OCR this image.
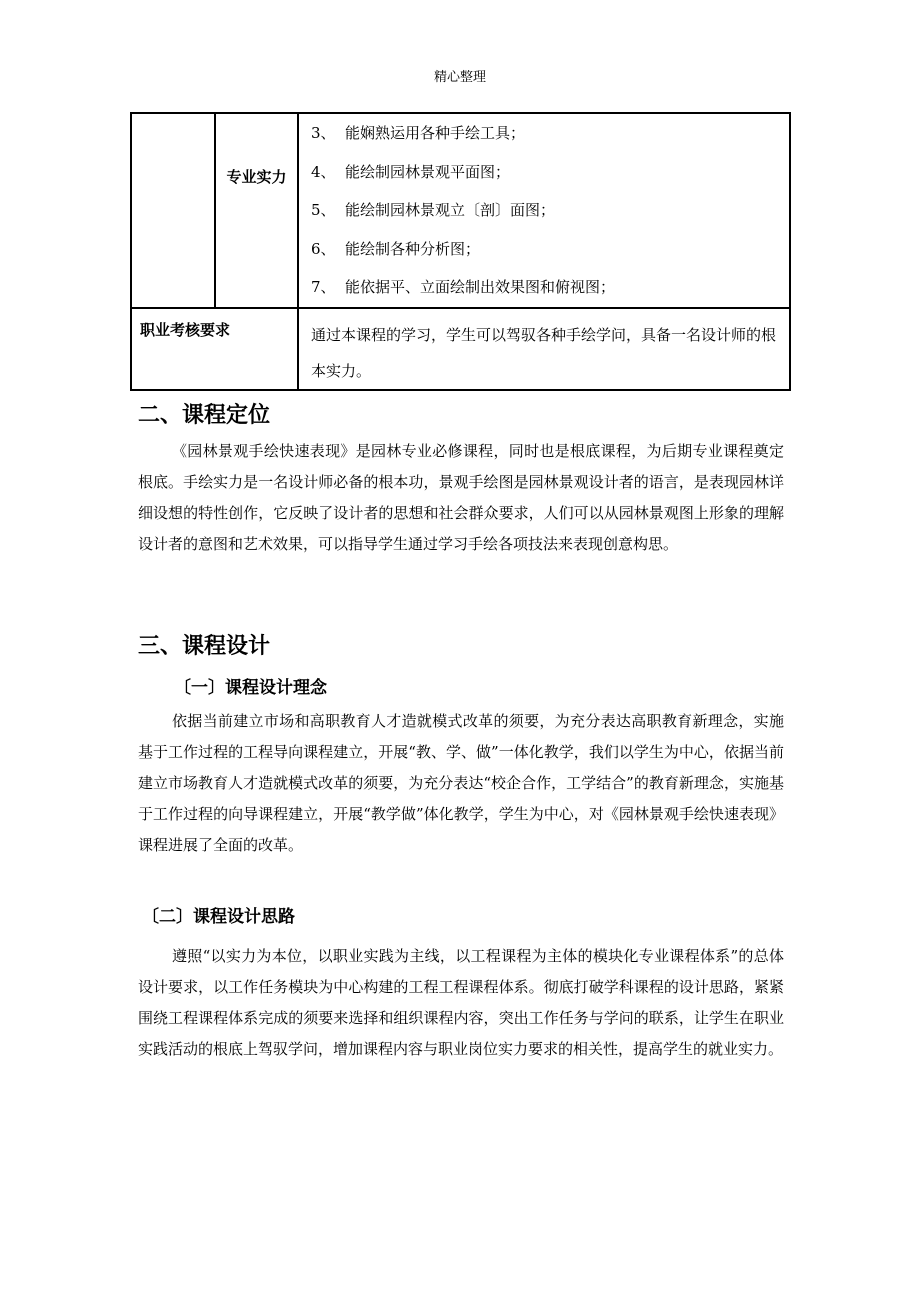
精心整理

	专业实力	3、 能娴熟运用各种手绘工具；
4、 能绘制园林景观平面图；
5、 能绘制园林景观立〔剖〕面图；
6、 能绘制各种分析图；
7、 能依据平、立面绘制出效果图和俯视图；

职业考核要求		通过本课程的学习，学生可以驾驭各种手绘学问，具备一名设计师的根本实力。
二、课程定位
《园林景观手绘快速表现》是园林专业必修课程，同时也是根底课程，为后期专业课程奠定根底。手绘实力是一名设计师必备的根本功，景观手绘图是园林景观设计者的语言，是表现园林详细设想的特性创作，它反映了设计者的思想和社会群众要求，人们可以从园林景观图上形象的理解设计者的意图和艺术效果，可以指导学生通过学习手绘各项技法来表现创意构思。
三、课程设计
〔一〕课程设计理念
依据当前建立市场和高职教育人才造就模式改革的须要，为充分表达高职教育新理念，实施基于工作过程的工程导向课程建立，开展“教、学、做”一体化教学，我们以学生为中心，依据当前建立市场教育人才造就模式改革的须要，为充分表达“校企合作，工学结合”的教育新理念，实施基于工作过程的向导课程建立，开展“教学做”体化教学，学生为中心，对《园林景观手绘快速表现》课程进展了全面的改革。
〔二〕课程设计思路
遵照“以实力为本位，以职业实践为主线，以工程课程为主体的模块化专业课程体系”的总体设计要求，以工作任务模块为中心构建的工程工程课程体系。彻底打破学科课程的设计思路，紧紧围绕工程课程体系完成的须要来选择和组织课程内容，突出工作任务与学问的联系，让学生在职业实践活动的根底上驾驭学问，增加课程内容与职业岗位实力要求的相关性，提高学生的就业实力。
